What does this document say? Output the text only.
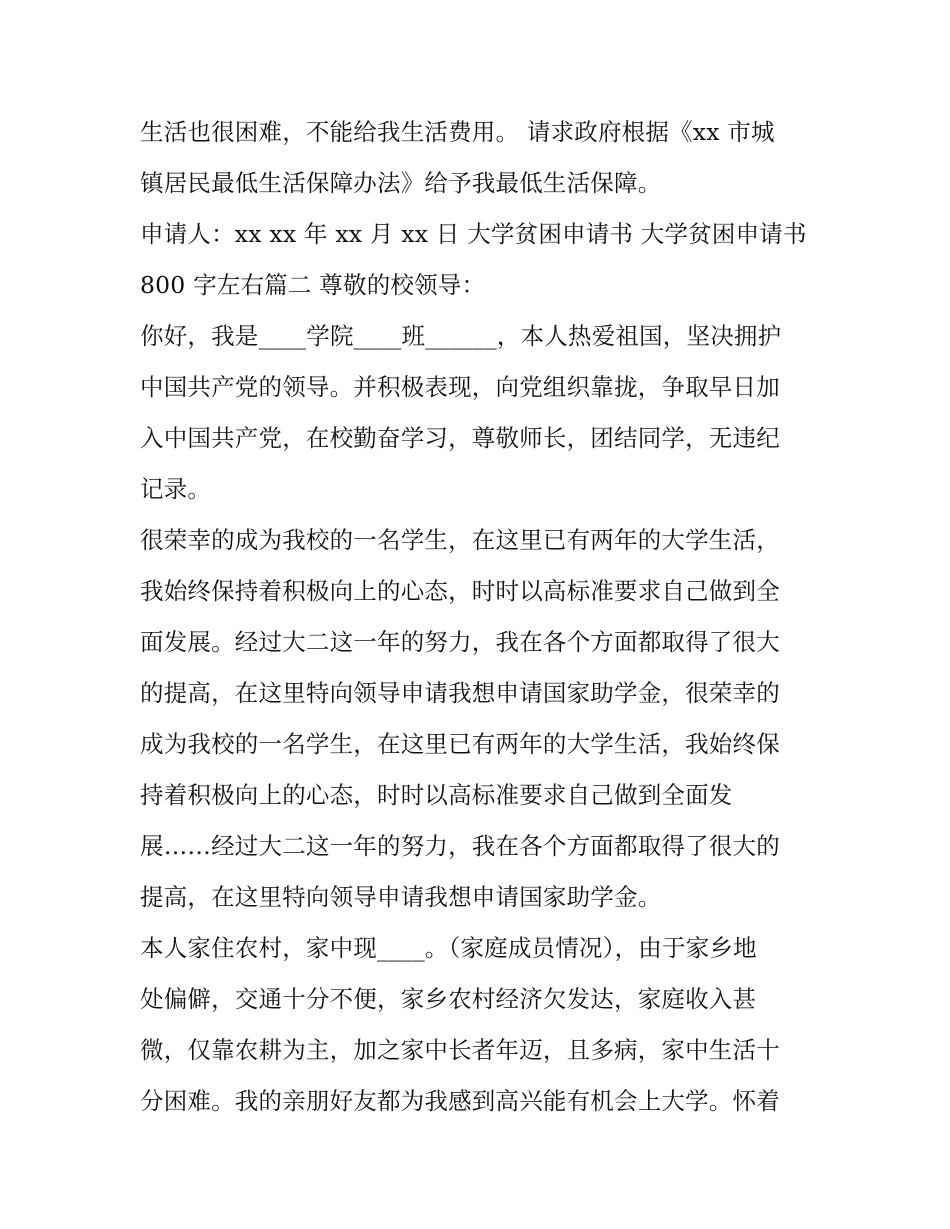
生活也很困难，不能给我生活费用。 请求政府根据《xx 市城
镇居民最低生活保障办法》给予我最低生活保障。
申请人：xx xx 年 xx 月 xx 日 大学贫困申请书 大学贫困申请书
800 字左右篇二 尊敬的校领导：
你好，我是____学院____班______，本人热爱祖国，坚决拥护
中国共产党的领导。并积极表现，向党组织靠拢，争取早日加
入中国共产党，在校勤奋学习，尊敬师长，团结同学，无违纪
记录。
很荣幸的成为我校的一名学生，在这里已有两年的大学生活，
我始终保持着积极向上的心态，时时以高标准要求自己做到全
面发展。经过大二这一年的努力，我在各个方面都取得了很大
的提高，在这里特向领导申请我想申请国家助学金，很荣幸的
成为我校的一名学生，在这里已有两年的大学生活，我始终保
持着积极向上的心态，时时以高标准要求自己做到全面发
展……经过大二这一年的努力，我在各个方面都取得了很大的
提高，在这里特向领导申请我想申请国家助学金。
本人家住农村，家中现____。（家庭成员情况），由于家乡地
处偏僻，交通十分不便，家乡农村经济欠发达，家庭收入甚
微，仅靠农耕为主，加之家中长者年迈，且多病，家中生活十
分困难。我的亲朋好友都为我感到高兴能有机会上大学。怀着
